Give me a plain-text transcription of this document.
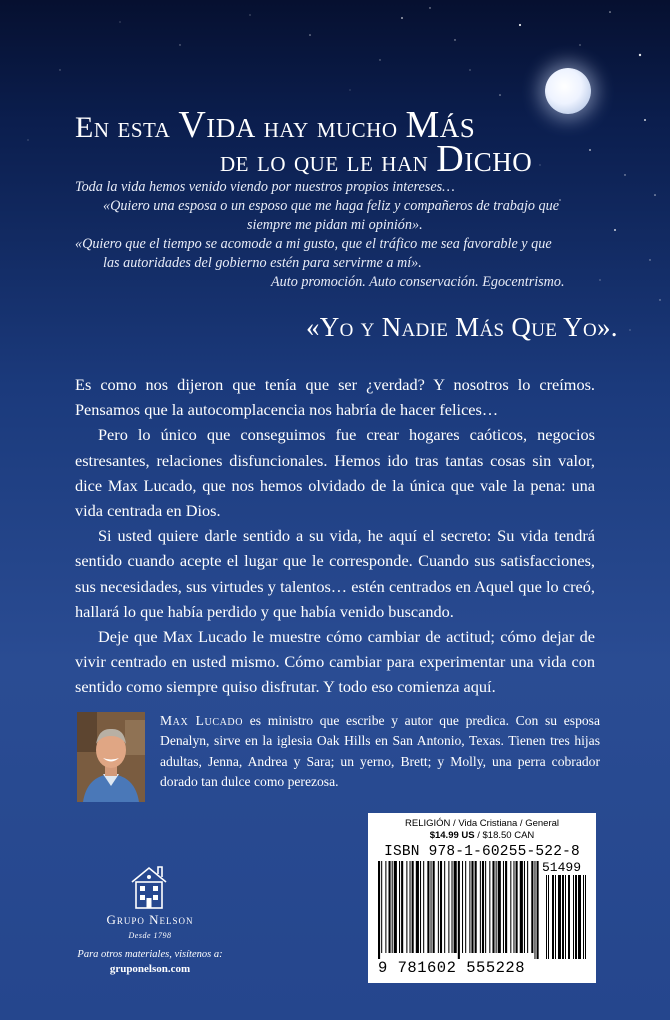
En esta Vida hay mucho Más
de lo que le han Dicho
Toda la vida hemos venido viendo por nuestros propios intereses…
«Quiero una esposa o un esposo que me haga feliz y compañeros de trabajo que
siempre me pidan mi opinión».
«Quiero que el tiempo se acomode a mi gusto, que el tráfico me sea favorable y que
las autoridades del gobierno estén para servirme a mí».
Auto promoción. Auto conservación. Egocentrismo.
«Yo y Nadie Más Que Yo».

Es como nos dijeron que tenía que ser ¿verdad? Y nosotros lo creímos. Pensamos que la autocomplacencia nos habría de hacer felices…

Pero lo único que conseguimos fue crear hogares caóticos, negocios estresantes, relaciones disfuncionales. Hemos ido tras tantas cosas sin valor, dice Max Lucado, que nos hemos olvidado de la única que vale la pena: una vida centrada en Dios.

Si usted quiere darle sentido a su vida, he aquí el secreto: Su vida tendrá sentido cuando acepte el lugar que le corresponde. Cuando sus satisfacciones, sus necesidades, sus virtudes y talentos… estén centrados en Aquel que lo creó, hallará lo que había perdido y que había venido buscando.

Deje que Max Lucado le muestre cómo cambiar de actitud; cómo dejar de vivir centrado en usted mismo. Cómo cambiar para experimentar una vida con sentido como siempre quiso disfrutar. Y todo eso comienza aquí.

Max Lucado es ministro que escribe y autor que predica. Con su esposa Denalyn, sirve en la iglesia Oak Hills en San Antonio, Texas. Tienen tres hijas adultas, Jenna, Andrea y Sara; un yerno, Brett; y Molly, una perra cobrador dorado tan dulce como perezosa.
Grupo Nelson
Desde 1798
Para otros materiales, visítenos a:
gruponelson.com
RELIGIÓN / Vida Cristiana / General
$14.99 US / $18.50 CAN
ISBN 978-1-60255-522-8
51499
9 781602 555228
